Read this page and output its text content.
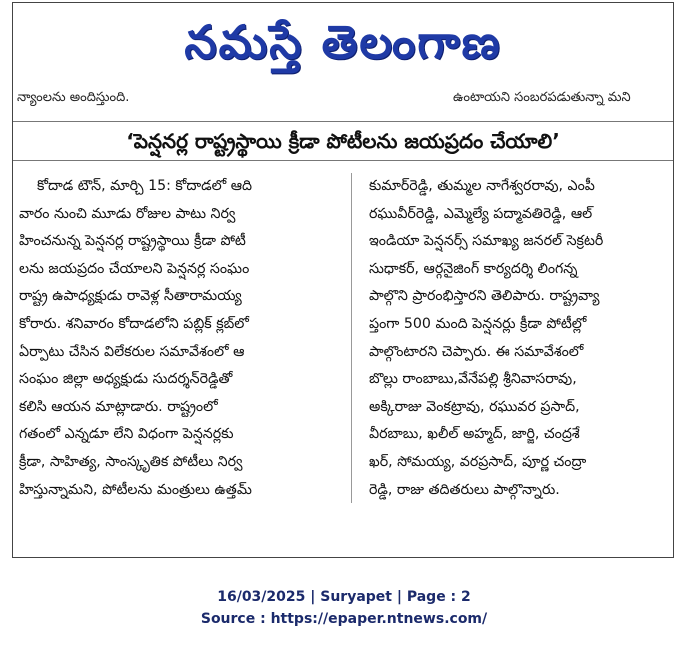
నమస్తే తెలంగాణ
న్యాంలను అందిస్తుంది.	ఉంటాయని సంబరపడుతున్నా మని
‘పెన్షనర్ల రాష్ట్రస్థాయి క్రీడా పోటీలను జయప్రదం చేయాలి’
కోదాడ టౌన్, మార్చి 15: కోదాడలో ఆది
వారం నుంచి మూడు రోజుల పాటు నిర్వ
హించనున్న పెన్షనర్ల రాష్ట్రస్థాయి క్రీడా పోటీ
లను జయప్రదం చేయాలని పెన్షనర్ల సంఘం
రాష్ట్ర ఉపాధ్యక్షుడు రావెళ్ల సీతారామయ్య
కోరారు. శనివారం కోదాడలోని పబ్లిక్ క్లబ్‌లో
ఏర్పాటు చేసిన విలేకరుల సమావేశంలో ఆ
సంఘం జిల్లా అధ్యక్షుడు సుదర్శన్‌రెడ్డితో
కలిసి ఆయన మాట్లాడారు. రాష్ట్రంలో
గతంలో ఎన్నడూ లేని విధంగా పెన్షనర్లకు
క్రీడా, సాహిత్య, సాంస్కృతిక పోటీలు నిర్వ
హిస్తున్నామని, పోటీలను మంత్రులు ఉత్తమ్
కుమార్‌రెడ్డి, తుమ్మల నాగేశ్వరరావు, ఎంపీ
రఘువీర్‌రెడ్డి, ఎమ్మెల్యే పద్మావతిరెడ్డి, ఆల్
ఇండియా పెన్షనర్స్ సమాఖ్య జనరల్ సెక్రటరీ
సుధాకర్, ఆర్గనైజింగ్ కార్యదర్శి లింగన్న
పాల్గొని ప్రారంభిస్తారని తెలిపారు. రాష్ట్రవ్యా
ప్తంగా 500 మంది పెన్షనర్లు క్రీడా పోటీల్లో
పాల్గొంటారని చెప్పారు. ఈ సమావేశంలో
బొల్లు రాంబాబు,వేనేపల్లి శ్రీనివాసరావు,
అక్కిరాజు వెంకట్రావు, రఘువర ప్రసాద్,
వీరబాబు, ఖలీల్ అహ్మద్, జార్జి, చంద్రశే
ఖర్, సోమయ్య, వరప్రసాద్, పూర్ణ చంద్రా
రెడ్డి, రాజు తదితరులు పాల్గొన్నారు.
16/03/2025 | Suryapet | Page : 2
Source : https://epaper.ntnews.com/
